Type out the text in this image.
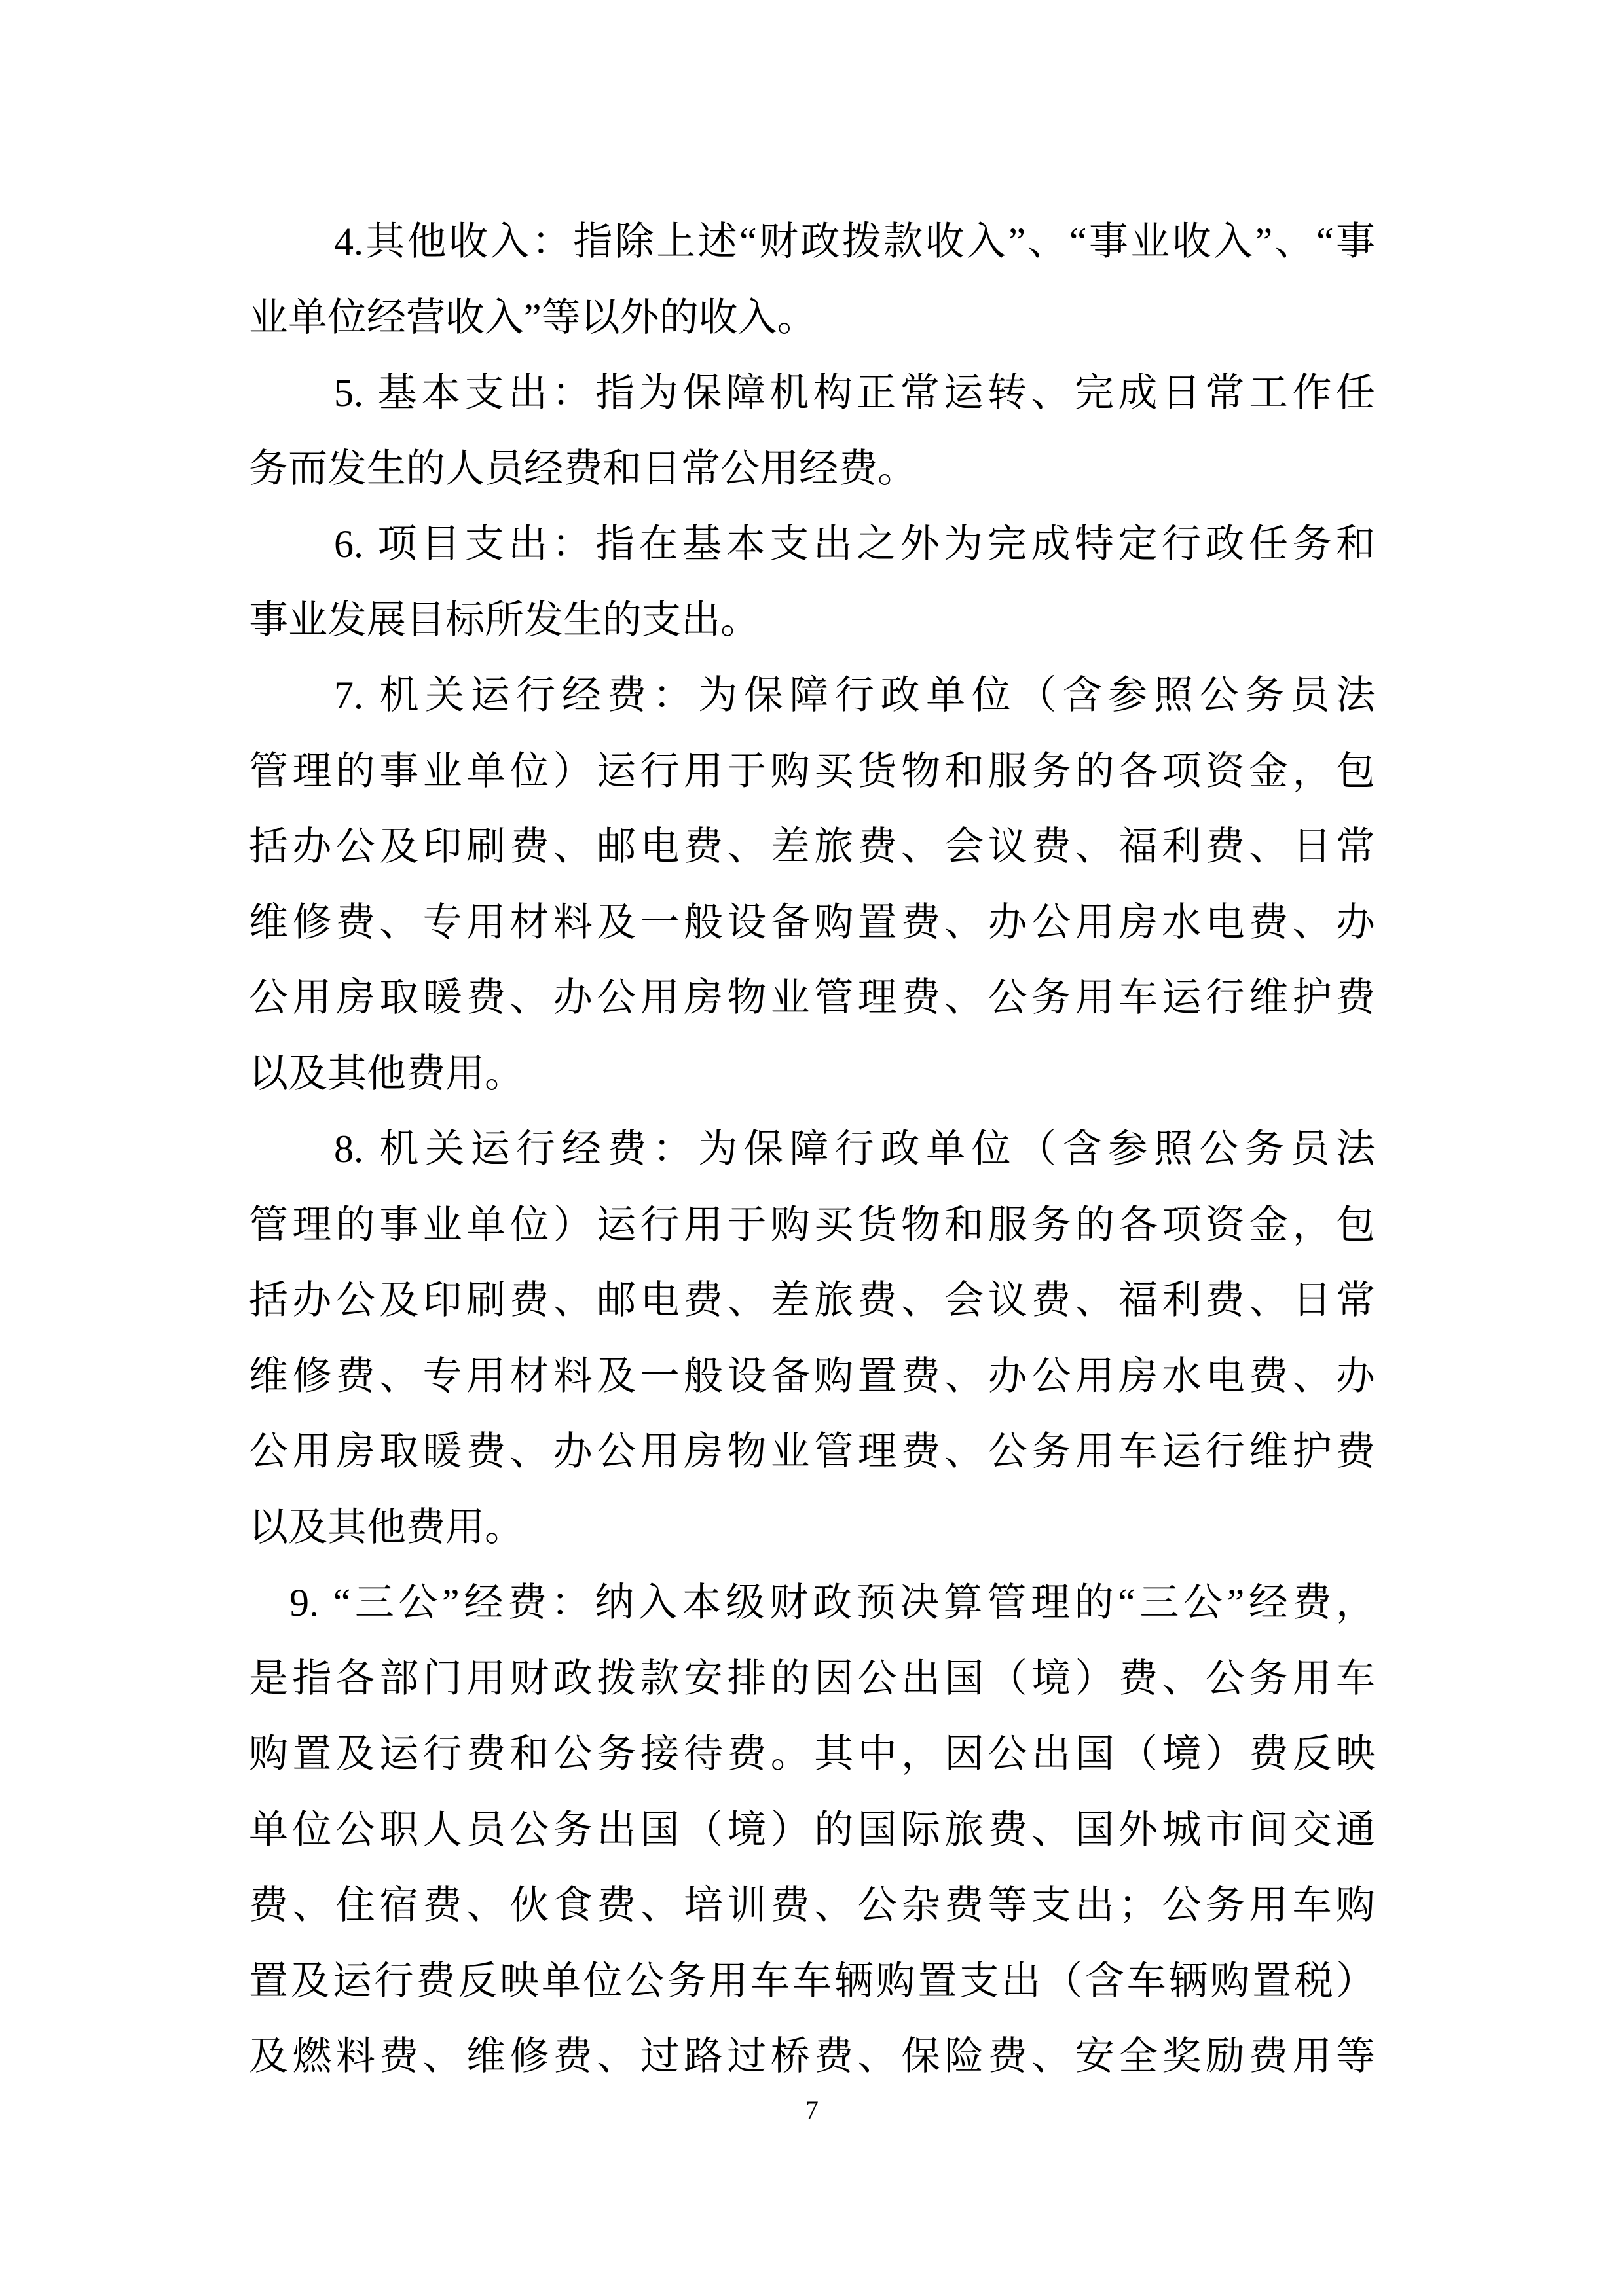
4.其他收入：指除上述“财政拨款收入”、“事业收入”、“事
业单位经营收入”等以外的收入。
5. 基本支出：指为保障机构正常运转、完成日常工作任
务而发生的人员经费和日常公用经费。
6. 项目支出：指在基本支出之外为完成特定行政任务和
事业发展目标所发生的支出。
7. 机关运行经费：为保障行政单位（含参照公务员法
管理的事业单位）运行用于购买货物和服务的各项资金，包
括办公及印刷费、邮电费、差旅费、会议费、福利费、日常
维修费、专用材料及一般设备购置费、办公用房水电费、办
公用房取暖费、办公用房物业管理费、公务用车运行维护费
以及其他费用。
8. 机关运行经费：为保障行政单位（含参照公务员法
管理的事业单位）运行用于购买货物和服务的各项资金，包
括办公及印刷费、邮电费、差旅费、会议费、福利费、日常
维修费、专用材料及一般设备购置费、办公用房水电费、办
公用房取暖费、办公用房物业管理费、公务用车运行维护费
以及其他费用。
9. “三公”经费：纳入本级财政预决算管理的“三公”经费，
是指各部门用财政拨款安排的因公出国（境）费、公务用车
购置及运行费和公务接待费。其中，因公出国（境）费反映
单位公职人员公务出国（境）的国际旅费、国外城市间交通
费、住宿费、伙食费、培训费、公杂费等支出；公务用车购
置及运行费反映单位公务用车车辆购置支出（含车辆购置税）
及燃料费、维修费、过路过桥费、保险费、安全奖励费用等
7
